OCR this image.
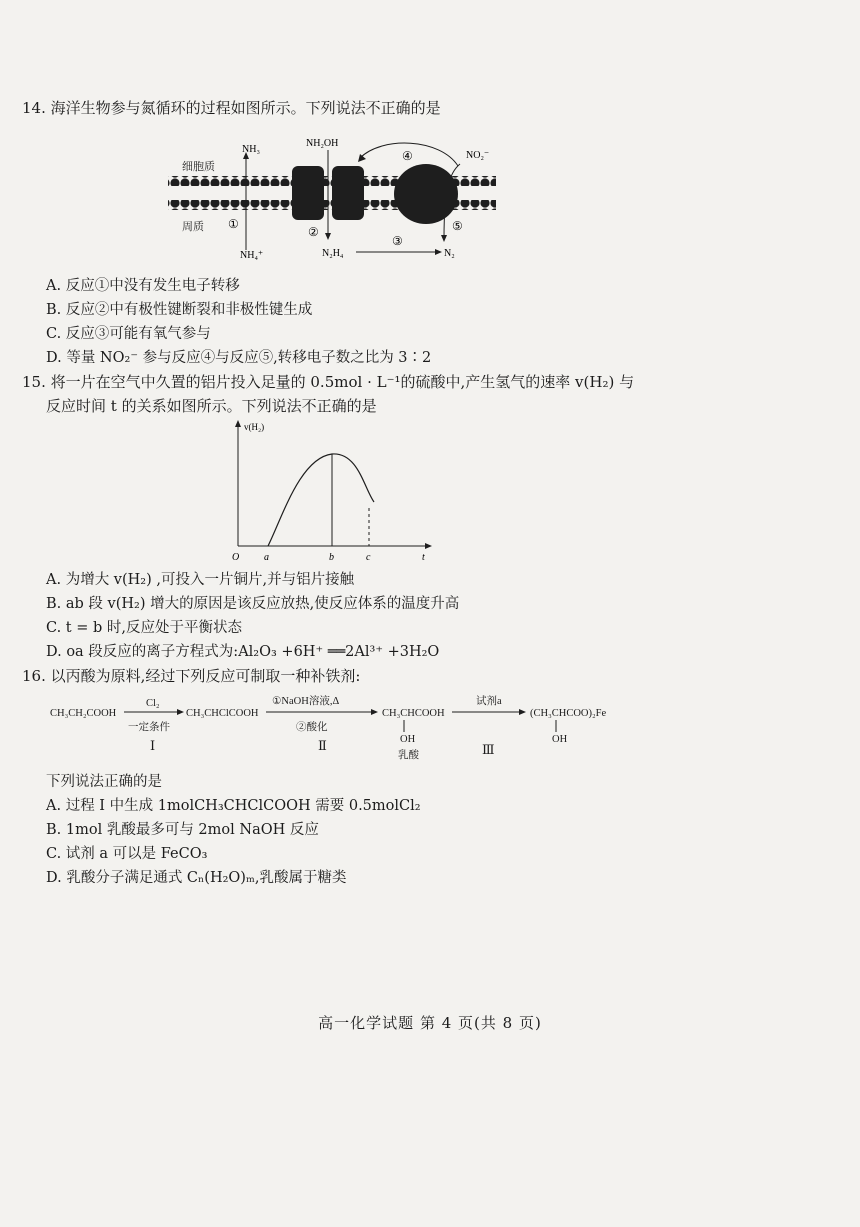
14. 海洋生物参与氮循环的过程如图所示。下列说法不正确的是
细胞质
周质
NH₃
NH₄⁺
①
NH₂OH
②
N₂H₄
③
N₂
④	NO₂⁻
⑤
A. 反应①中没有发生电子转移
B. 反应②中有极性键断裂和非极性键生成
C. 反应③可能有氧气参与
D. 等量 NO₂⁻ 参与反应④与反应⑤,转移电子数之比为 3∶2
15. 将一片在空气中久置的铝片投入足量的 0.5mol · L⁻¹的硫酸中,产生氢气的速率 v(H₂) 与
反应时间 t 的关系如图所示。下列说法不正确的是
v(H₂)
t
O a	b	c
A. 为增大 v(H₂) ,可投入一片铜片,并与铝片接触
B. ab 段 v(H₂) 增大的原因是该反应放热,使反应体系的温度升高
C. t = b 时,反应处于平衡状态
D. oa 段反应的离子方程式为:Al₂O₃ +6H⁺ ══2Al³⁺ +3H₂O
16. 以丙酸为原料,经过下列反应可制取一种补铁剂:
CH₃CH₂COOH
Cl₂
一定条件
CH₃CHClCOOH
①NaOH溶液,Δ
②酸化
CH₃CHCOOH
OH
乳酸
试剂a
(CH₃CHCOO)₂Fe
OH
Ⅰ	Ⅱ	Ⅲ
下列说法正确的是
A. 过程 I 中生成 1molCH₃CHClCOOH 需要 0.5molCl₂
B. 1mol 乳酸最多可与 2mol NaOH 反应
C. 试剂 a 可以是 FeCO₃
D. 乳酸分子满足通式 Cₙ(H₂O)ₘ,乳酸属于糖类
高一化学试题 第 4 页(共 8 页)
